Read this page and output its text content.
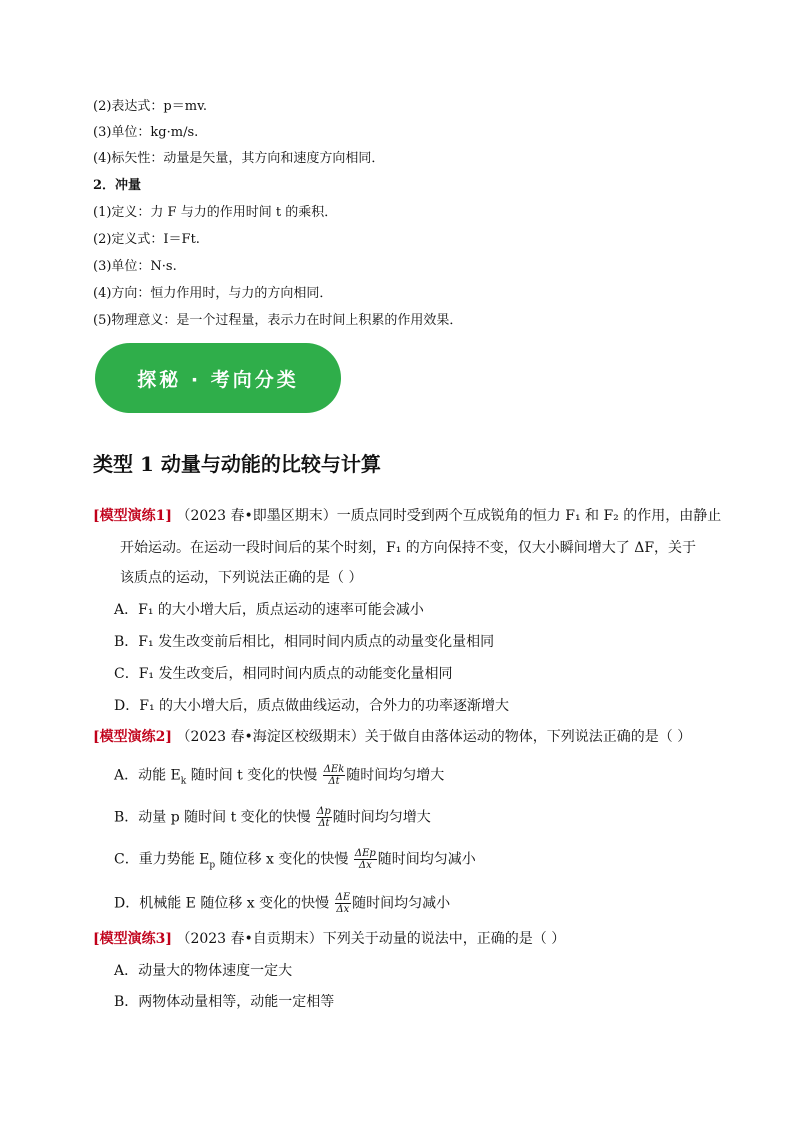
(2)表达式：p＝mv.
(3)单位：kg·m/s.
(4)标矢性：动量是矢量，其方向和速度方向相同．
2．冲量
(1)定义：力 F 与力的作用时间 t 的乘积．
(2)定义式：I＝Ft.
(3)单位：N·s.
(4)方向：恒力作用时，与力的方向相同．
(5)物理意义：是一个过程量，表示力在时间上积累的作用效果．
探秘 · 考向分类
类型 1 动量与动能的比较与计算
[模型演练1] （2023 春•即墨区期末）一质点同时受到两个互成锐角的恒力 F₁ 和 F₂ 的作用，由静止
开始运动。在运动一段时间后的某个时刻，F₁ 的方向保持不变，仅大小瞬间增大了 ΔF，关于
该质点的运动，下列说法正确的是（ ）
A．F₁ 的大小增大后，质点运动的速率可能会减小
B．F₁ 发生改变前后相比，相同时间内质点的动量变化量相同
C．F₁ 发生改变后，相同时间内质点的动能变化量相同
D．F₁ 的大小增大后，质点做曲线运动，合外力的功率逐渐增大
[模型演练2] （2023 春•海淀区校级期末）关于做自由落体运动的物体，下列说法正确的是（ ）
A．动能 $E_k$ 随时间 t 变化的快慢 $\frac{\text{ΔEk}}{\Delta t}$ 随时间均匀增大
B．动量 p 随时间 t 变化的快慢 $\frac{\Delta p}{\Delta t}$ 随时间均匀增大
C．重力势能 $E_p$ 随位移 x 变化的快慢 $\frac{\text{ΔEp}}{\Delta x}$ 随时间均匀减小
D．机械能 E 随位移 x 变化的快慢 $\frac{\Delta E}{\Delta x}$ 随时间均匀减小
[模型演练3] （2023 春•自贡期末）下列关于动量的说法中，正确的是（ ）
A．动量大的物体速度一定大
B．两物体动量相等，动能一定相等
